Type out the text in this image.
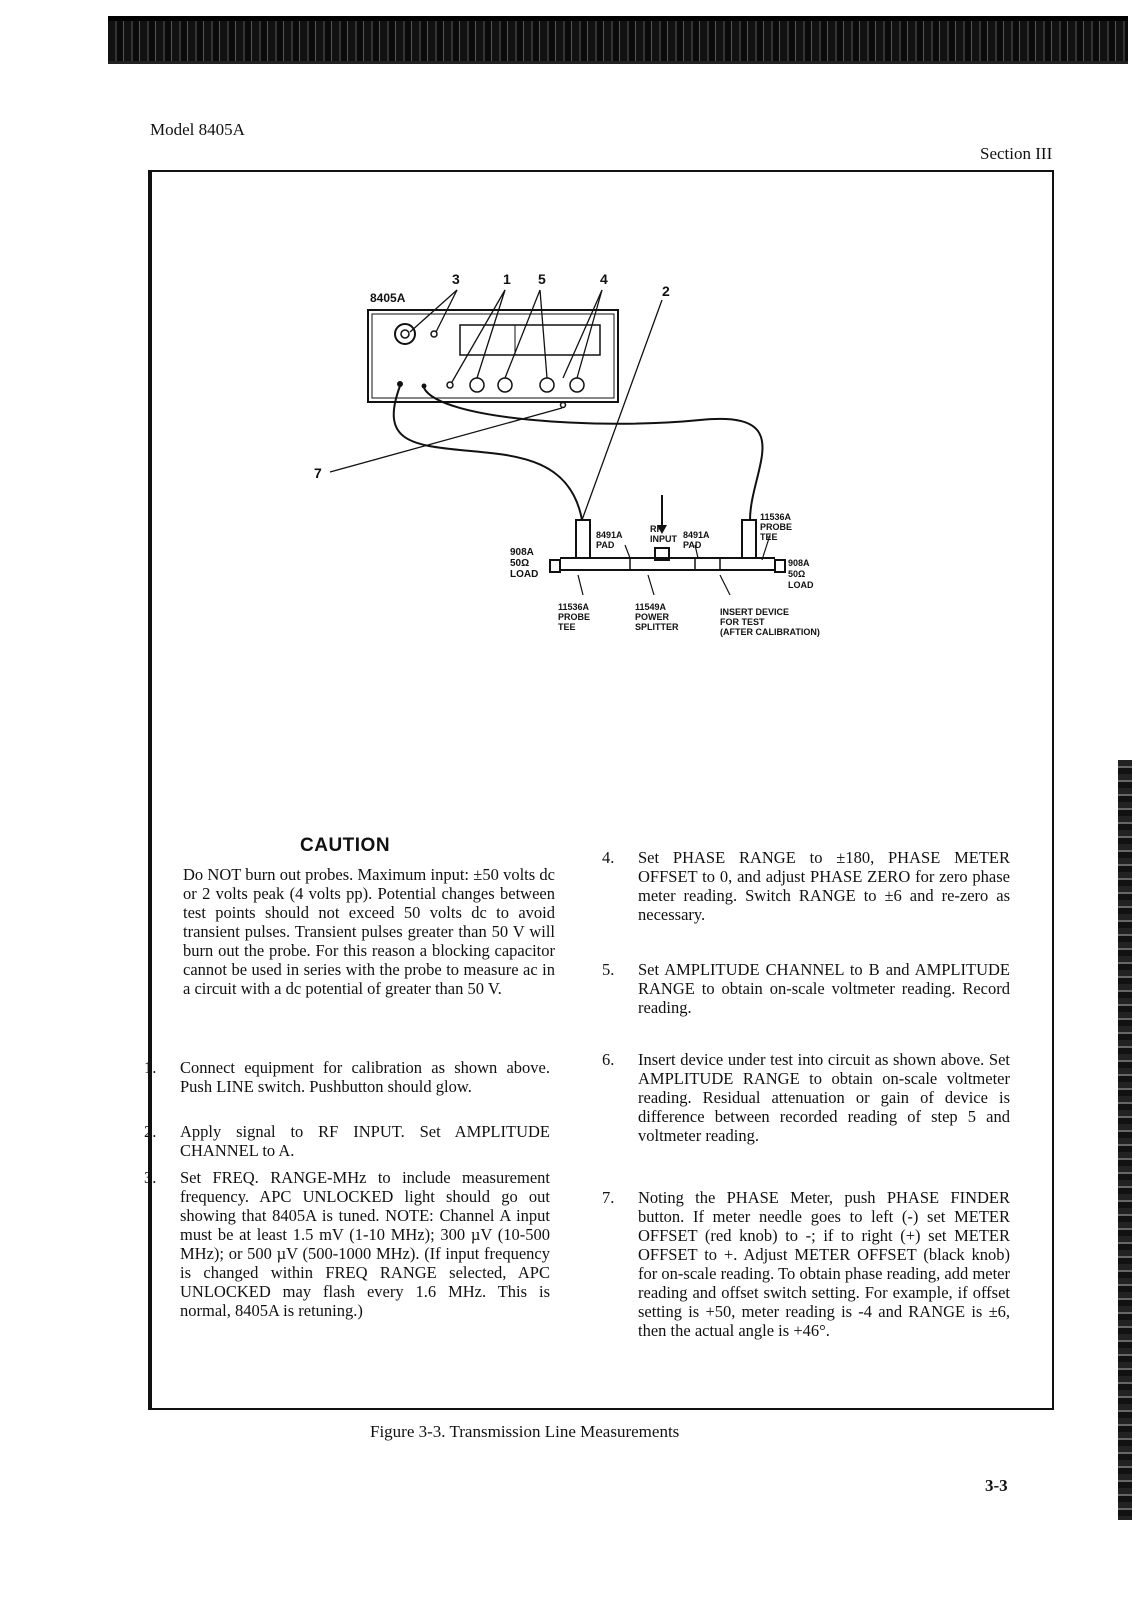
Model 8405A
Section III
8405A
3	1 5	4
2
7
908A
50Ω
LOAD
8491A
PAD
RF
INPUT 8491A
PAD
11536A
PROBE
TEE
908A
50Ω
LOAD
11536A
PROBE
TEE
11549A
POWER
SPLITTER
INSERT DEVICE
FOR TEST
(AFTER CALIBRATION)
CAUTION
Do NOT burn out probes. Maximum input: ±50 volts dc or 2 volts peak (4 volts pp). Potential changes between test points should not exceed 50 volts dc to avoid transient pulses. Transient pulses greater than 50 V will burn out the probe. For this reason a blocking capacitor cannot be used in series with the probe to measure ac in a circuit with a dc potential of greater than 50 V.
1. Connect equipment for calibration as shown above. Push LINE switch. Pushbutton should glow.
2. Apply signal to RF INPUT. Set AMPLITUDE CHANNEL to A.
3. Set FREQ. RANGE-MHz to include measurement frequency. APC UNLOCKED light should go out showing that 8405A is tuned. NOTE: Channel A input must be at least 1.5 mV (1-10 MHz); 300 µV (10-500 MHz); or 500 µV (500-1000 MHz). (If input frequency is changed within FREQ RANGE selected, APC UNLOCKED may flash every 1.6 MHz. This is normal, 8405A is retuning.)
4. Set PHASE RANGE to ±180, PHASE METER OFFSET to 0, and adjust PHASE ZERO for zero phase meter reading. Switch RANGE to ±6 and re-zero as necessary.
5. Set AMPLITUDE CHANNEL to B and AMPLITUDE RANGE to obtain on-scale voltmeter reading. Record reading.
6. Insert device under test into circuit as shown above. Set AMPLITUDE RANGE to obtain on-scale voltmeter reading. Residual attenuation or gain of device is difference between recorded reading of step 5 and voltmeter reading.
7. Noting the PHASE Meter, push PHASE FINDER button. If meter needle goes to left (-) set METER OFFSET (red knob) to -; if to right (+) set METER OFFSET to +. Adjust METER OFFSET (black knob) for on-scale reading. To obtain phase reading, add meter reading and offset switch setting. For example, if offset setting is +50, meter reading is -4 and RANGE is ±6, then the actual angle is +46°.
Figure 3-3. Transmission Line Measurements
3-3
